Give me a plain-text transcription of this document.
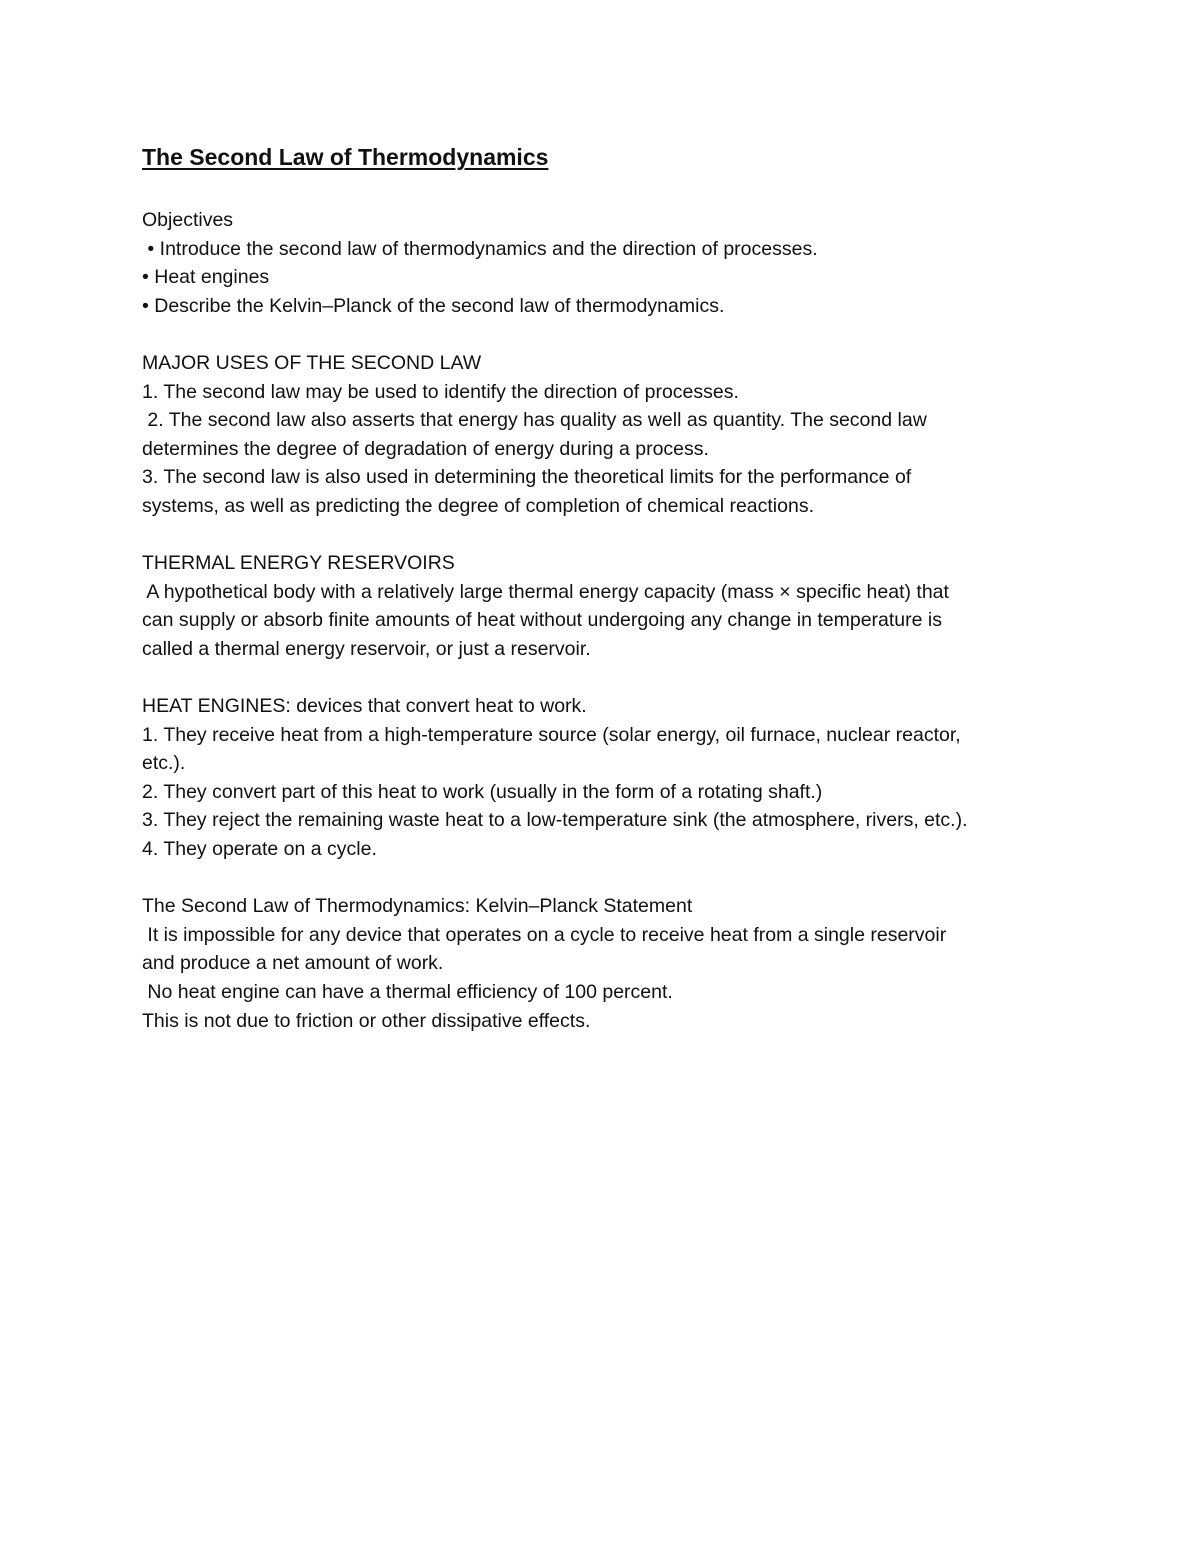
The Second Law of Thermodynamics
Objectives
• Introduce the second law of thermodynamics and the direction of processes.
• Heat engines
• Describe the Kelvin–Planck of the second law of thermodynamics.
MAJOR USES OF THE SECOND LAW
1. The second law may be used to identify the direction of processes.
2. The second law also asserts that energy has quality as well as quantity. The second law
determines the degree of degradation of energy during a process.
3. The second law is also used in determining the theoretical limits for the performance of
systems, as well as predicting the degree of completion of chemical reactions.
THERMAL ENERGY RESERVOIRS
A hypothetical body with a relatively large thermal energy capacity (mass × specific heat) that
can supply or absorb finite amounts of heat without undergoing any change in temperature is
called a thermal energy reservoir, or just a reservoir.
HEAT ENGINES: devices that convert heat to work.
1. They receive heat from a high-temperature source (solar energy, oil furnace, nuclear reactor,
etc.).
2. They convert part of this heat to work (usually in the form of a rotating shaft.)
3. They reject the remaining waste heat to a low-temperature sink (the atmosphere, rivers, etc.).
4. They operate on a cycle.
The Second Law of Thermodynamics: Kelvin–Planck Statement
It is impossible for any device that operates on a cycle to receive heat from a single reservoir
and produce a net amount of work.
No heat engine can have a thermal efficiency of 100 percent.
This is not due to friction or other dissipative effects.
